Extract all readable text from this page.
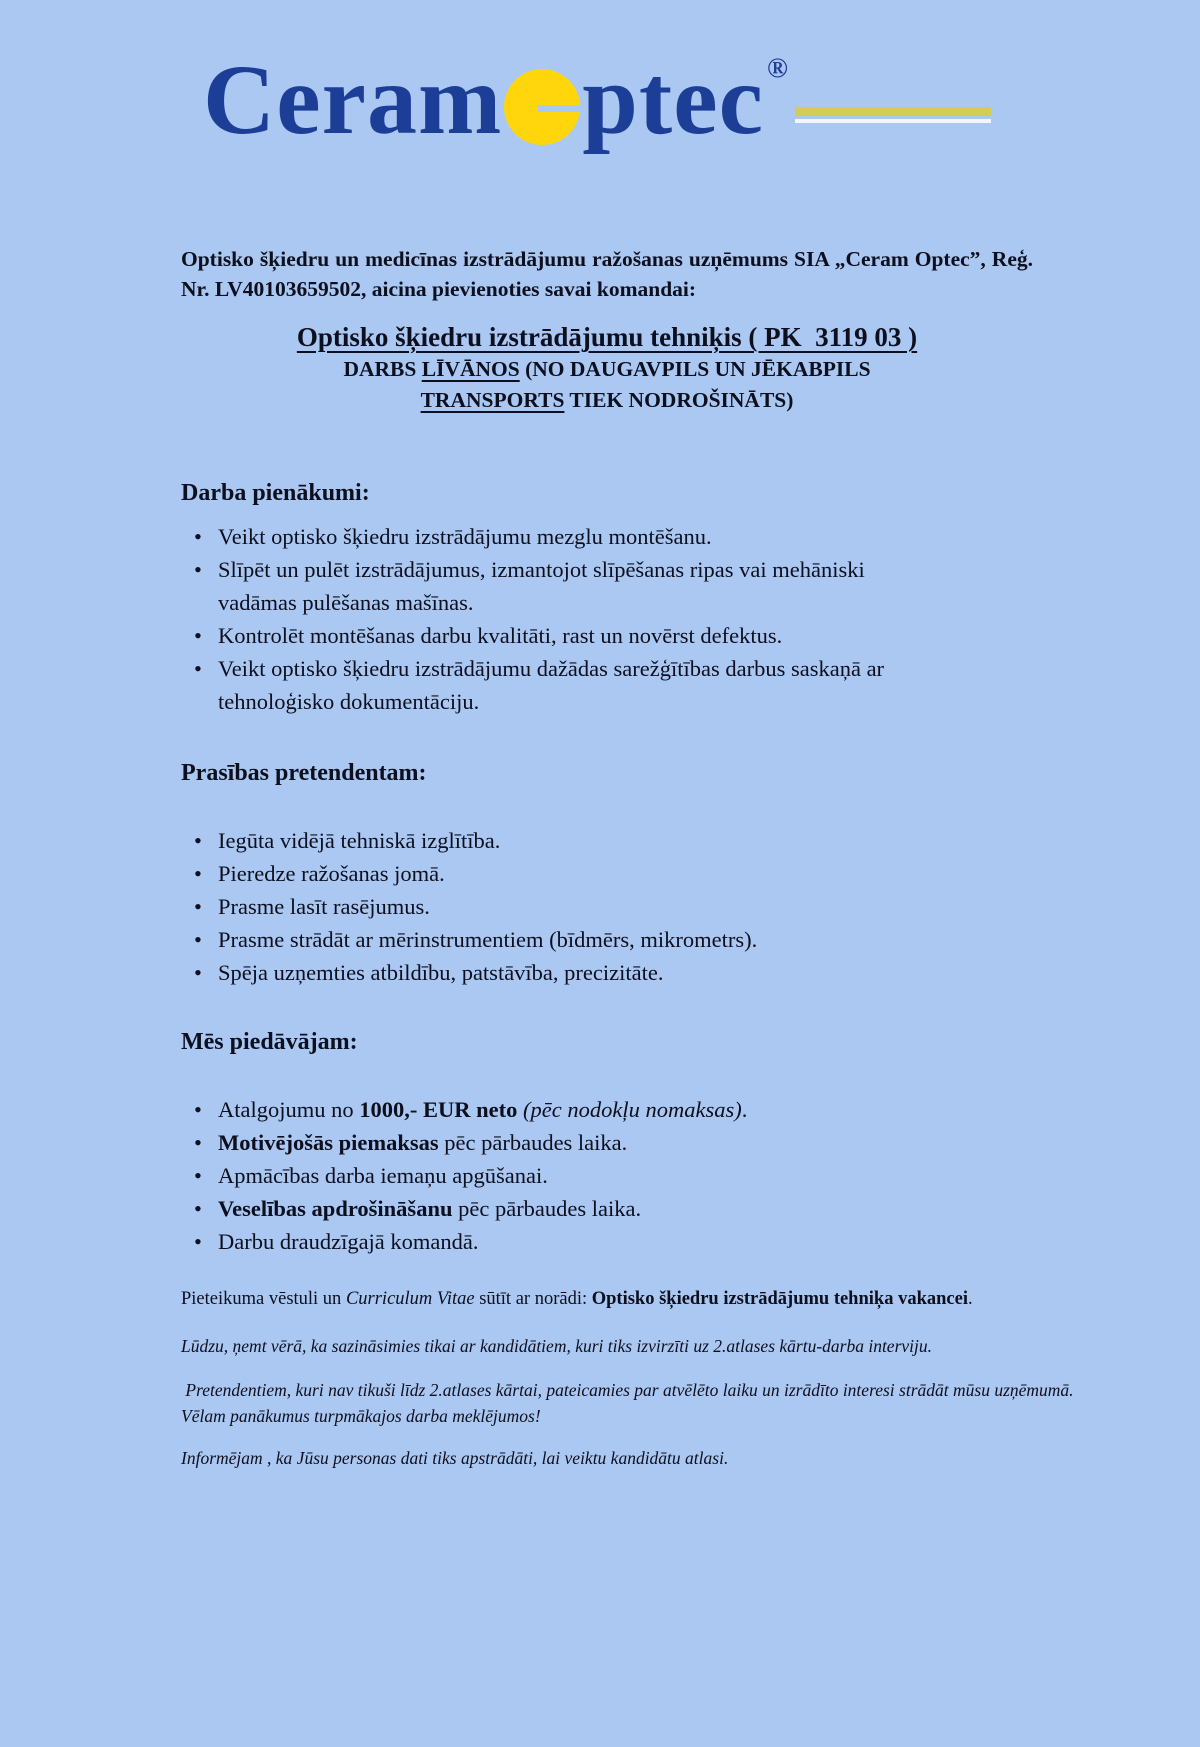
Ceram ptec ®

Optisko šķiedru un medicīnas izstrādājumu ražošanas uzņēmums SIA „Ceram Optec”, Reģ. Nr. LV40103659502, aicina pievienoties savai komandai:

Optisko šķiedru izstrādājumu tehniķis ( PK  3119 03 )
DARBS LĪVĀNOS (NO DAUGAVPILS UN JĒKABPILS
TRANSPORTS TIEK NODROŠINĀTS)
Darba pienākumi:
• Veikt optisko šķiedru izstrādājumu mezglu montēšanu.
• Slīpēt un pulēt izstrādājumus, izmantojot slīpēšanas ripas vai mehāniski vadāmas pulēšanas mašīnas.
• Kontrolēt montēšanas darbu kvalitāti, rast un novērst defektus.
• Veikt optisko šķiedru izstrādājumu dažādas sarežģītības darbus saskaņā ar tehnoloģisko dokumentāciju.
Prasības pretendentam:
• Iegūta vidējā tehniskā izglītība.
• Pieredze ražošanas jomā.
• Prasme lasīt rasējumus.
• Prasme strādāt ar mērinstrumentiem (bīdmērs, mikrometrs).
• Spēja uzņemties atbildību, patstāvība, precizitāte.
Mēs piedāvājam:
• Atalgojumu no 1000,- EUR neto (pēc nodokļu nomaksas).
• Motivējošās piemaksas pēc pārbaudes laika.
• Apmācības darba iemaņu apgūšanai.
• Veselības apdrošināšanu pēc pārbaudes laika.
• Darbu draudzīgajā komandā.

Pieteikuma vēstuli un Curriculum Vitae sūtīt ar norādi: Optisko šķiedru izstrādājumu tehniķa vakancei.

Lūdzu, ņemt vērā, ka sazināsimies tikai ar kandidātiem, kuri tiks izvirzīti uz 2.atlases kārtu-darba interviju.

Pretendentiem, kuri nav tikuši līdz 2.atlases kārtai, pateicamies par atvēlēto laiku un izrādīto interesi strādāt mūsu uzņēmumā. Vēlam panākumus turpmākajos darba meklējumos!

Informējam , ka Jūsu personas dati tiks apstrādāti, lai veiktu kandidātu atlasi.
